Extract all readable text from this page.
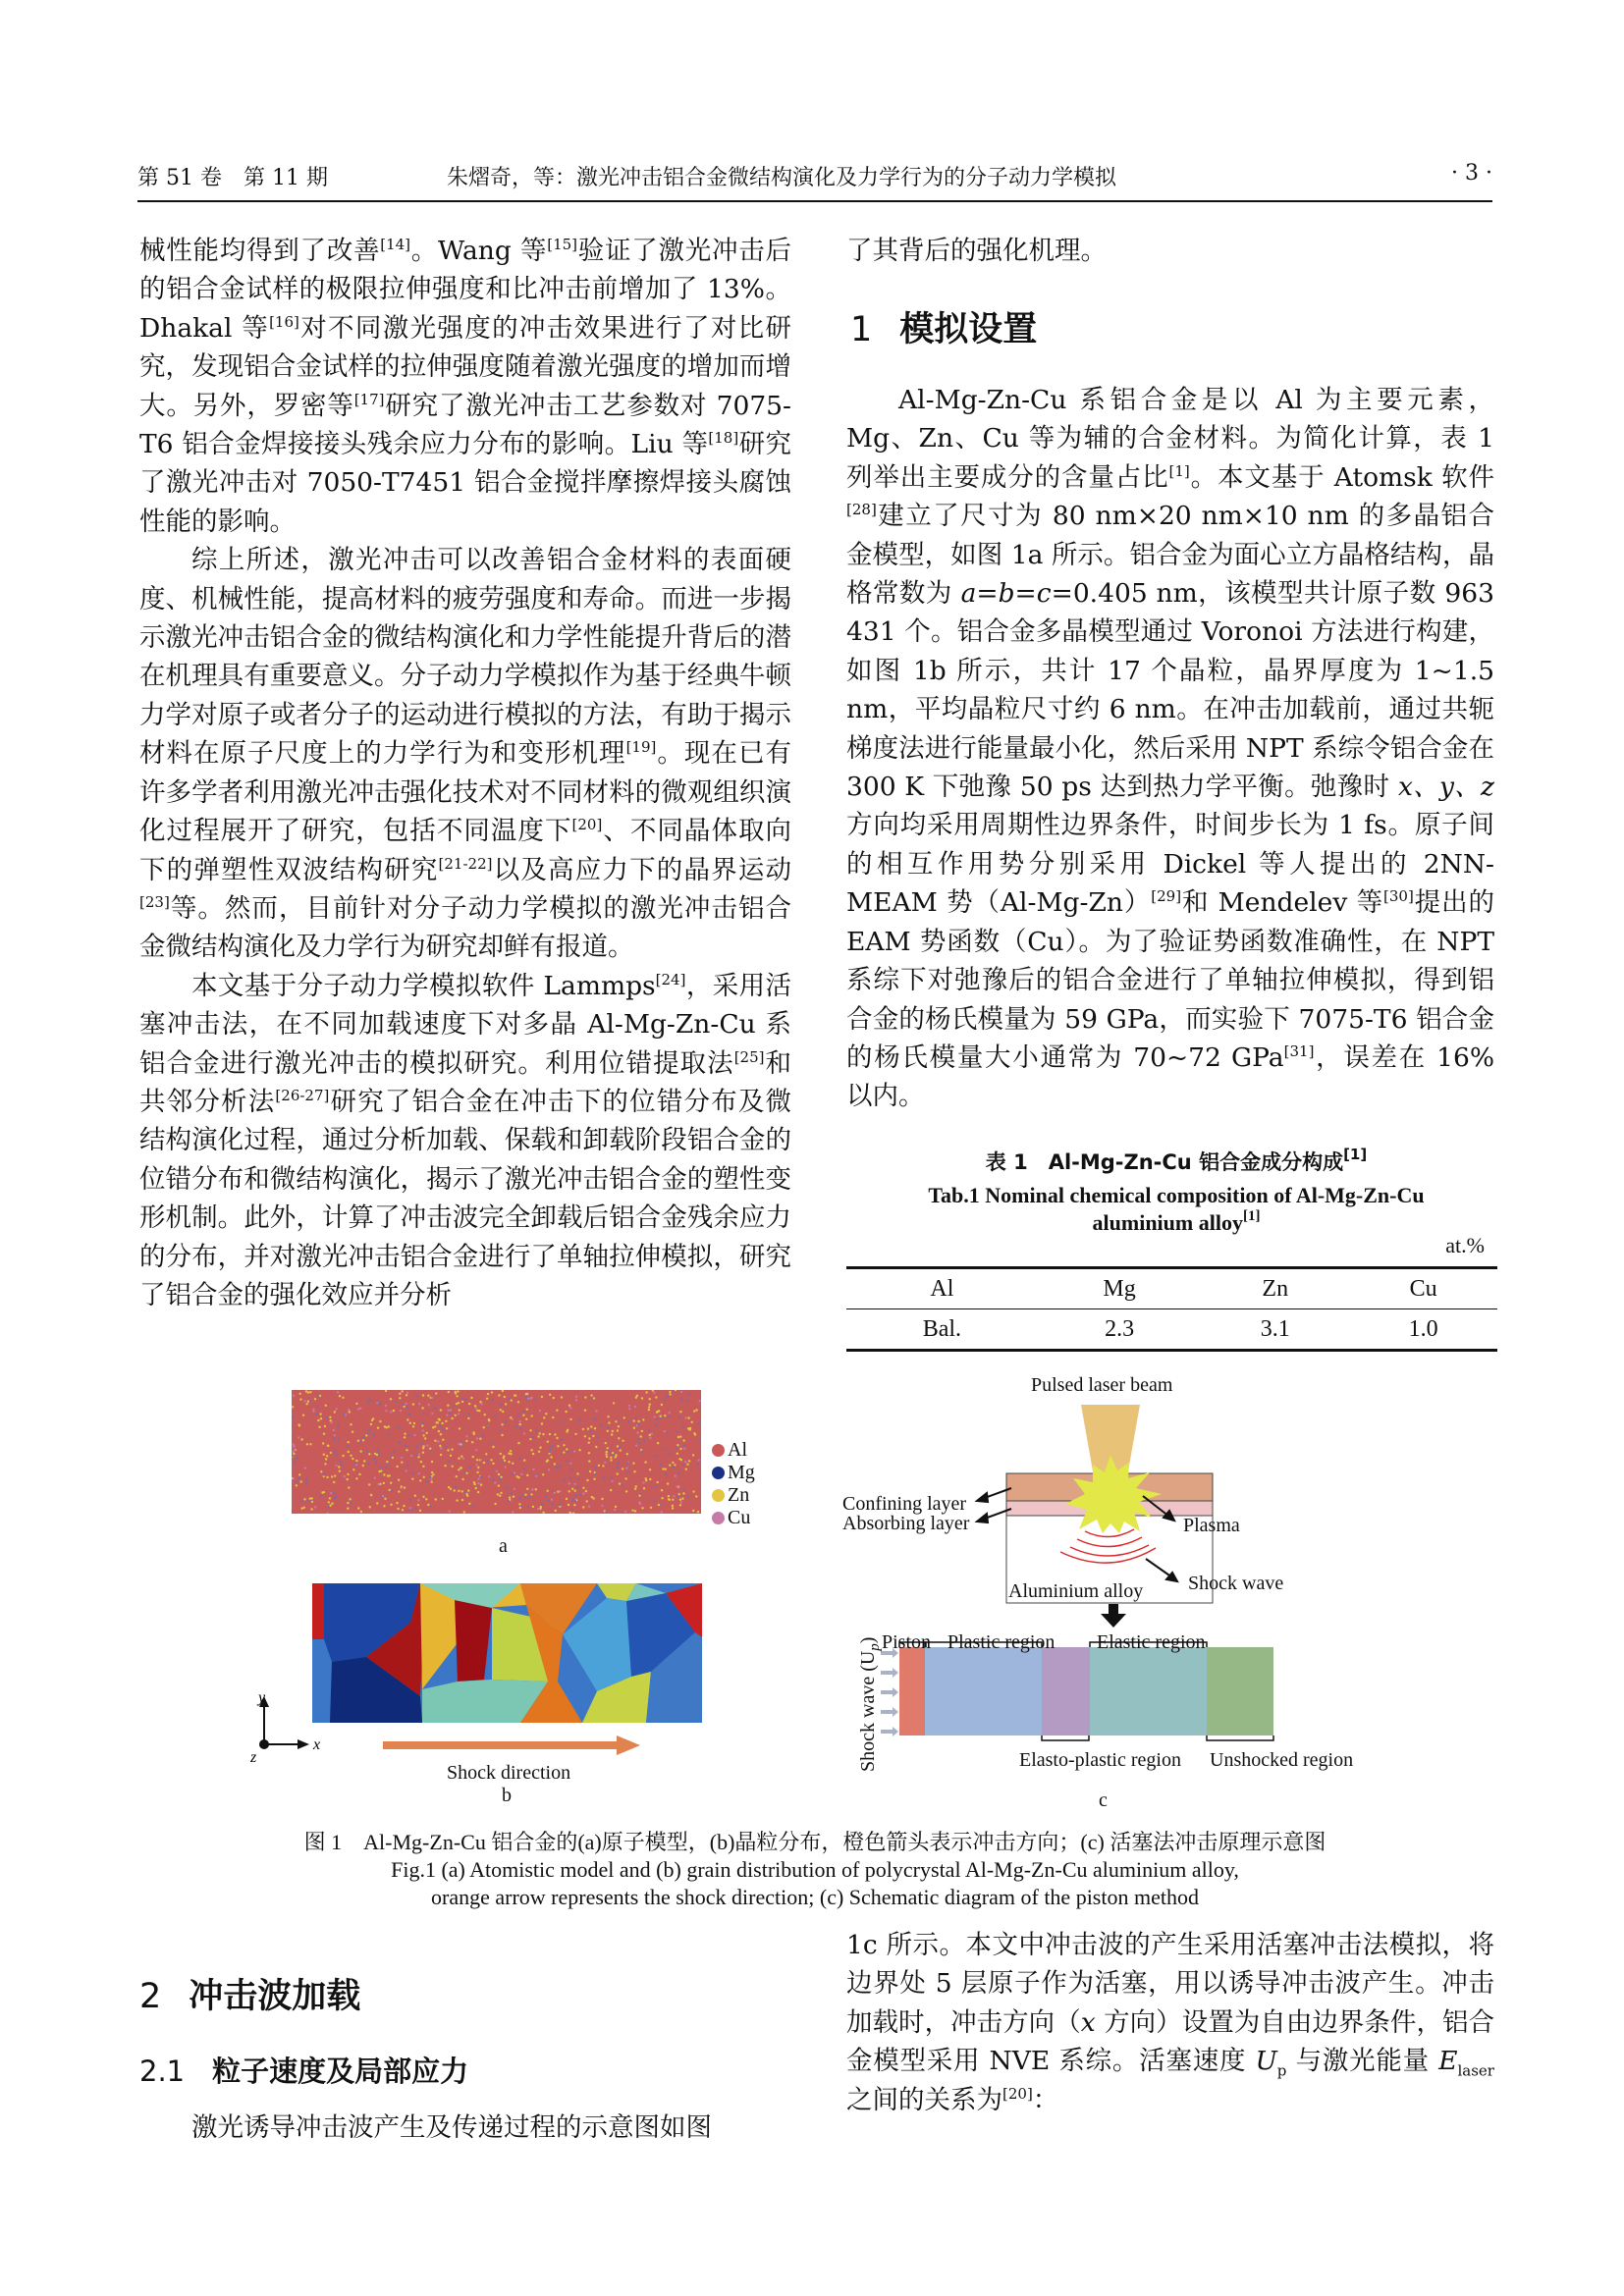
第 51 卷　第 11 期	朱熠奇，等：激光冲击铝合金微结构演化及力学行为的分子动力学模拟	· 3 ·

械性能均得到了改善[14]。Wang 等[15]验证了激光冲击后的铝合金试样的极限拉伸强度和比冲击前增加了 13%。Dhakal 等[16]对不同激光强度的冲击效果进行了对比研究，发现铝合金试样的拉伸强度随着激光强度的增加而增大。另外，罗密等[17]研究了激光冲击工艺参数对 7075-T6 铝合金焊接接头残余应力分布的影响。Liu 等[18]研究了激光冲击对 7050-T7451 铝合金搅拌摩擦焊接头腐蚀性能的影响。

综上所述，激光冲击可以改善铝合金材料的表面硬度、机械性能，提高材料的疲劳强度和寿命。而进一步揭示激光冲击铝合金的微结构演化和力学性能提升背后的潜在机理具有重要意义。分子动力学模拟作为基于经典牛顿力学对原子或者分子的运动进行模拟的方法，有助于揭示材料在原子尺度上的力学行为和变形机理[19]。现在已有许多学者利用激光冲击强化技术对不同材料的微观组织演化过程展开了研究，包括不同温度下[20]、不同晶体取向下的弹塑性双波结构研究[21-22]以及高应力下的晶界运动[23]等。然而，目前针对分子动力学模拟的激光冲击铝合金微结构演化及力学行为研究却鲜有报道。

本文基于分子动力学模拟软件 Lammps[24]，采用活塞冲击法，在不同加载速度下对多晶 Al-Mg-Zn-Cu 系铝合金进行激光冲击的模拟研究。利用位错提取法[25]和共邻分析法[26-27]研究了铝合金在冲击下的位错分布及微结构演化过程，通过分析加载、保载和卸载阶段铝合金的位错分布和微结构演化，揭示了激光冲击铝合金的塑性变形机制。此外，计算了冲击波完全卸载后铝合金残余应力的分布，并对激光冲击铝合金进行了单轴拉伸模拟，研究了铝合金的强化效应并分析

了其背后的强化机理。

1 模拟设置

Al-Mg-Zn-Cu 系铝合金是以 Al 为主要元素，Mg、Zn、Cu 等为辅的合金材料。为简化计算，表 1 列举出主要成分的含量占比[1]。本文基于 Atomsk 软件[28]建立了尺寸为 80 nm×20 nm×10 nm 的多晶铝合金模型，如图 1a 所示。铝合金为面心立方晶格结构，晶格常数为 a=b=c=0.405 nm，该模型共计原子数 963 431 个。铝合金多晶模型通过 Voronoi 方法进行构建，如图 1b 所示，共计 17 个晶粒，晶界厚度为 1~1.5 nm，平均晶粒尺寸约 6 nm。在冲击加载前，通过共轭梯度法进行能量最小化，然后采用 NPT 系综令铝合金在 300 K 下弛豫 50 ps 达到热力学平衡。弛豫时 x、y、z 方向均采用周期性边界条件，时间步长为 1 fs。原子间的相互作用势分别采用 Dickel 等人提出的 2NN-MEAM 势（Al-Mg-Zn）[29]和 Mendelev 等[30]提出的 EAM 势函数（Cu）。为了验证势函数准确性，在 NPT 系综下对弛豫后的铝合金进行了单轴拉伸模拟，得到铝合金的杨氏模量为 59 GPa，而实验下 7075-T6 铝合金的杨氏模量大小通常为 70~72 GPa[31]，误差在 16% 以内。

表 1　Al-Mg-Zn-Cu 铝合金成分构成[1]
Tab.1 Nominal chemical composition of Al-Mg-Zn-Cu
aluminium alloy[1]
at.%
Al	Mg	Zn	Cu
Bal.	2.3	3.1	1.0
Al
Mg
Zn
Cu
a
y
x
z
Shock direction
b
Pulsed laser beam
Confining layer
Absorbing layer	Plasma
Shock wave
Aluminium alloy
Piston Plastic region Elastic region
Elasto-plastic region Unshocked region
Shock wave $(U_p)$
c
图 1　Al-Mg-Zn-Cu 铝合金的(a)原子模型，(b)晶粒分布，橙色箭头表示冲击方向；(c) 活塞法冲击原理示意图
Fig.1 (a) Atomistic model and (b) grain distribution of polycrystal Al-Mg-Zn-Cu aluminium alloy,
orange arrow represents the shock direction; (c) Schematic diagram of the piston method
2 冲击波加载
2.1 粒子速度及局部应力

激光诱导冲击波产生及传递过程的示意图如图

1c 所示。本文中冲击波的产生采用活塞冲击法模拟，将边界处 5 层原子作为活塞，用以诱导冲击波产生。冲击加载时，冲击方向（x 方向）设置为自由边界条件，铝合金模型采用 NVE 系综。活塞速度 $U_p$ 与激光能量 $E_{laser}$ 之间的关系为[20]：
